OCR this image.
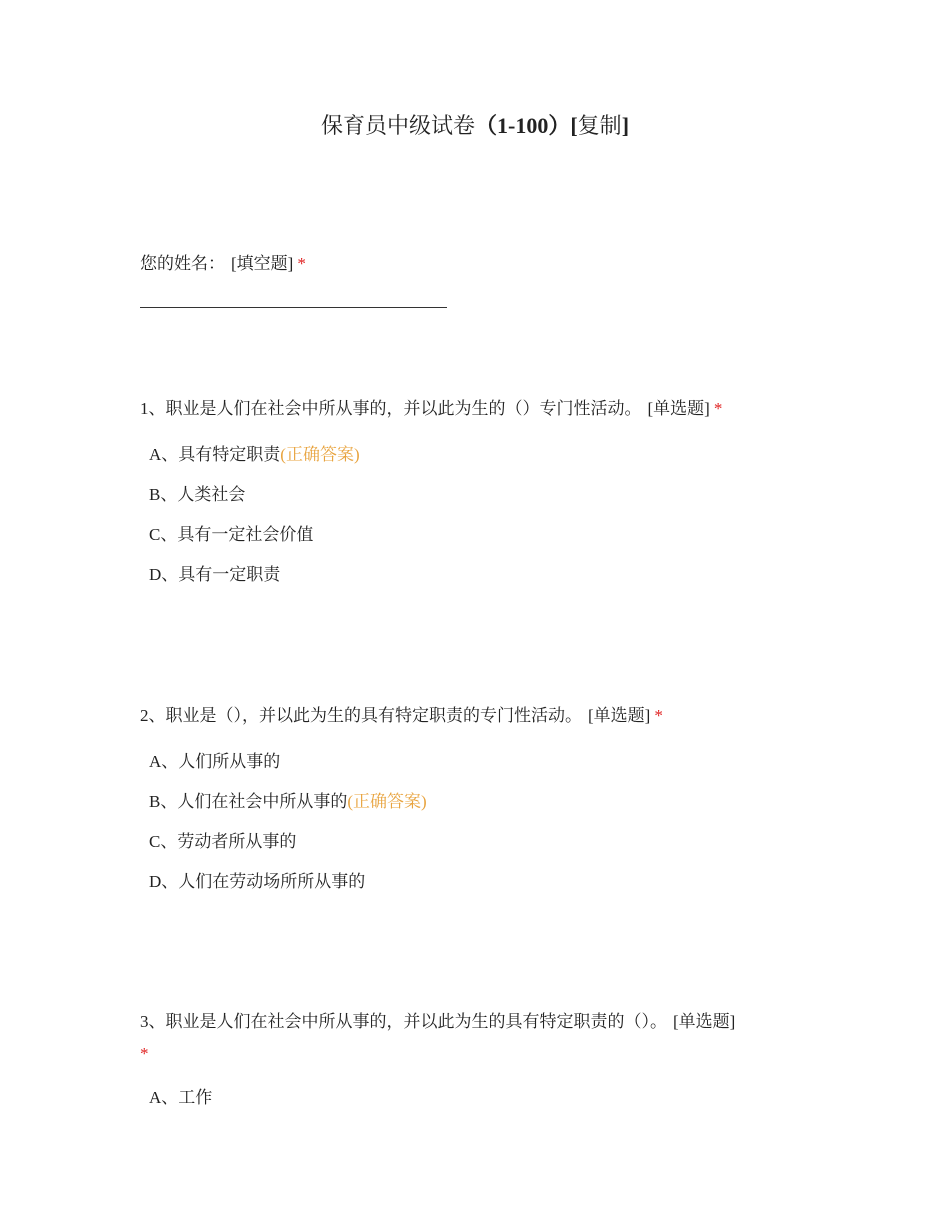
保育员中级试卷（1-100）[复制]
您的姓名： [填空题] *
1、职业是人们在社会中所从事的，并以此为生的（）专门性活动。 [单选题] *
A、具有特定职责(正确答案)
B、人类社会
C、具有一定社会价值
D、具有一定职责
2、职业是（），并以此为生的具有特定职责的专门性活动。 [单选题] *
A、人们所从事的
B、人们在社会中所从事的(正确答案)
C、劳动者所从事的
D、人们在劳动场所所从事的
3、职业是人们在社会中所从事的，并以此为生的具有特定职责的（）。 [单选题]
*
A、工作
